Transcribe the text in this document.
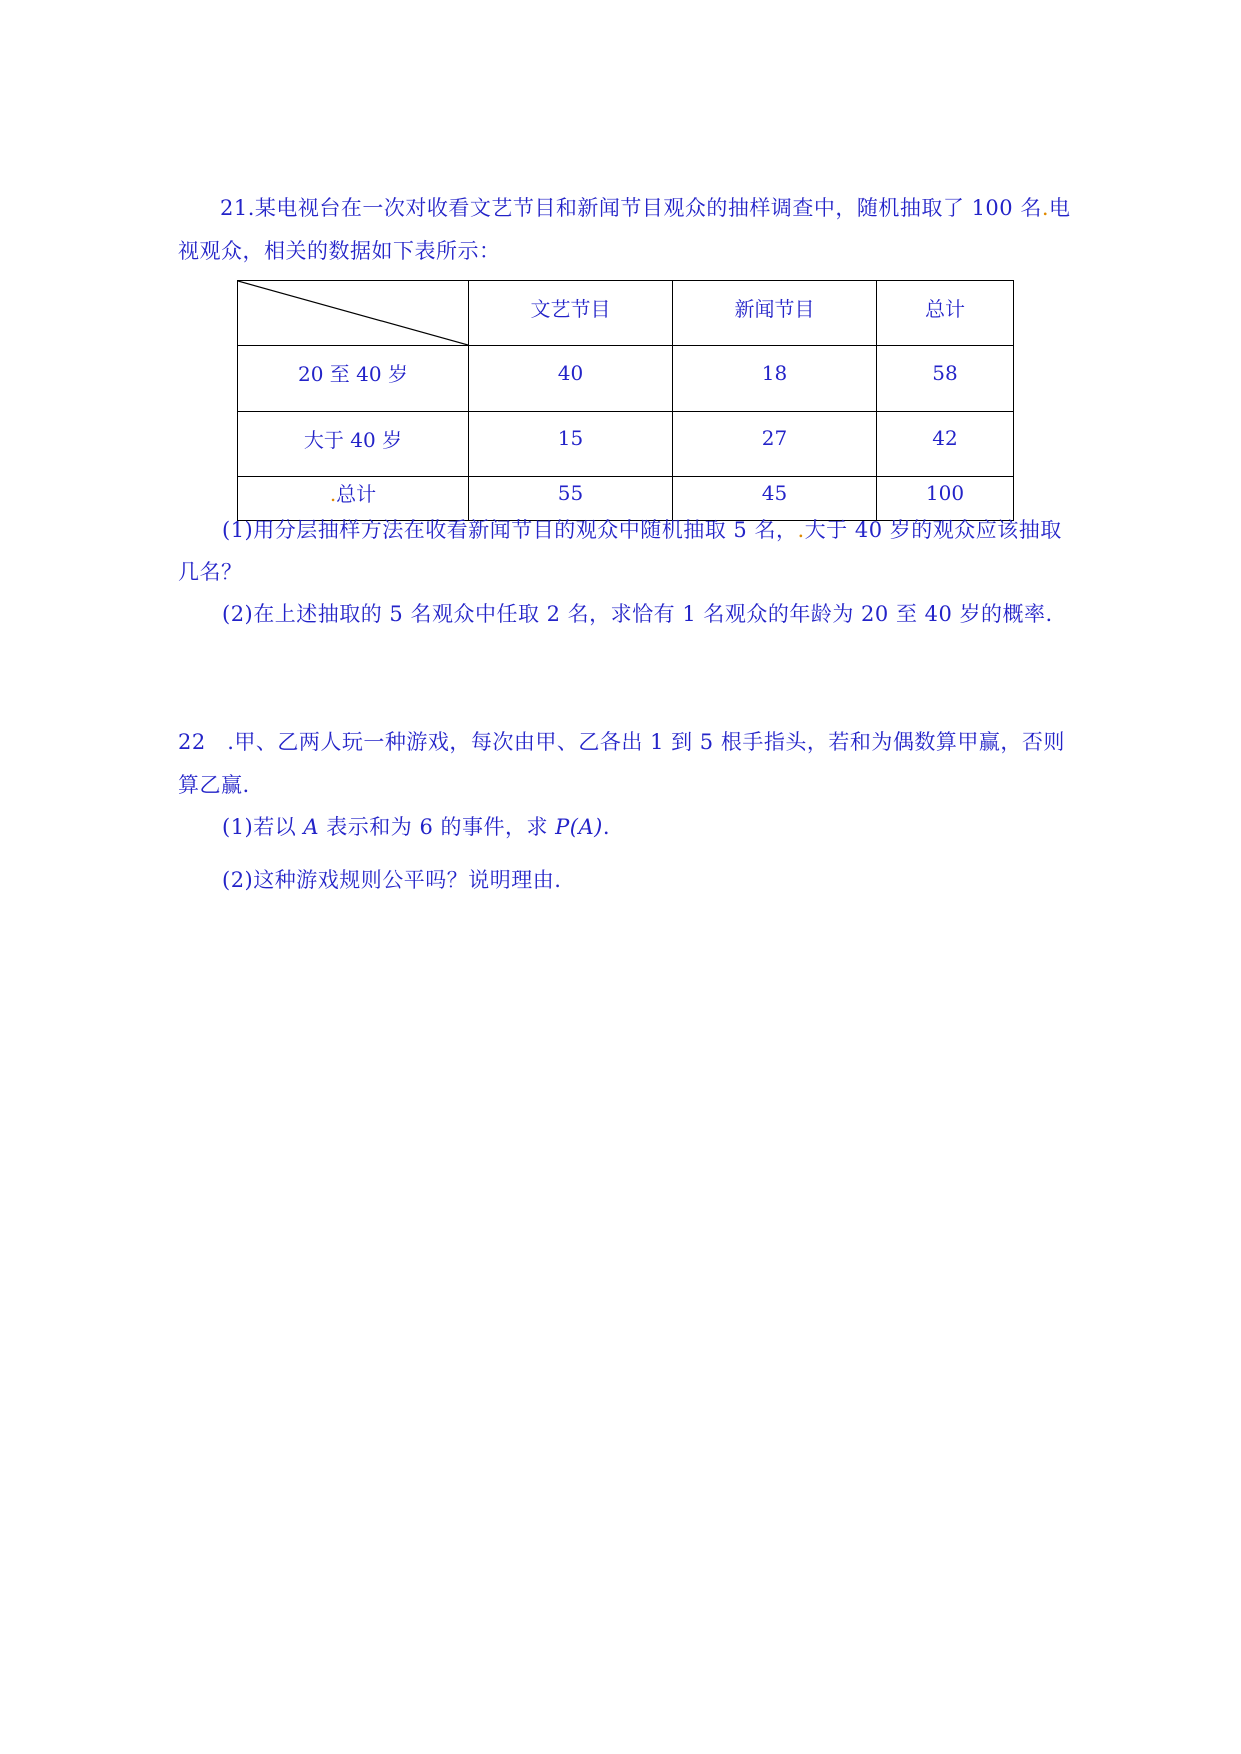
21.某电视台在一次对收看文艺节目和新闻节目观众的抽样调查中，随机抽取了 100 名.电
视观众，相关的数据如下表所示：
	文艺节目	新闻节目	总计
20 至 40 岁	40	18	58
大于 40 岁	15	27	42
.总计	55	45	100
(1)用分层抽样方法在收看新闻节目的观众中随机抽取 5 名，.大于 40 岁的观众应该抽取
几名？
(2)在上述抽取的 5 名观众中任取 2 名，求恰有 1 名观众的年龄为 20 至 40 岁的概率.
22　.甲、乙两人玩一种游戏，每次由甲、乙各出 1 到 5 根手指头，若和为偶数算甲赢，否则
算乙赢.
(1)若以 A 表示和为 6 的事件，求 P(A).
(2)这种游戏规则公平吗？说明理由.
